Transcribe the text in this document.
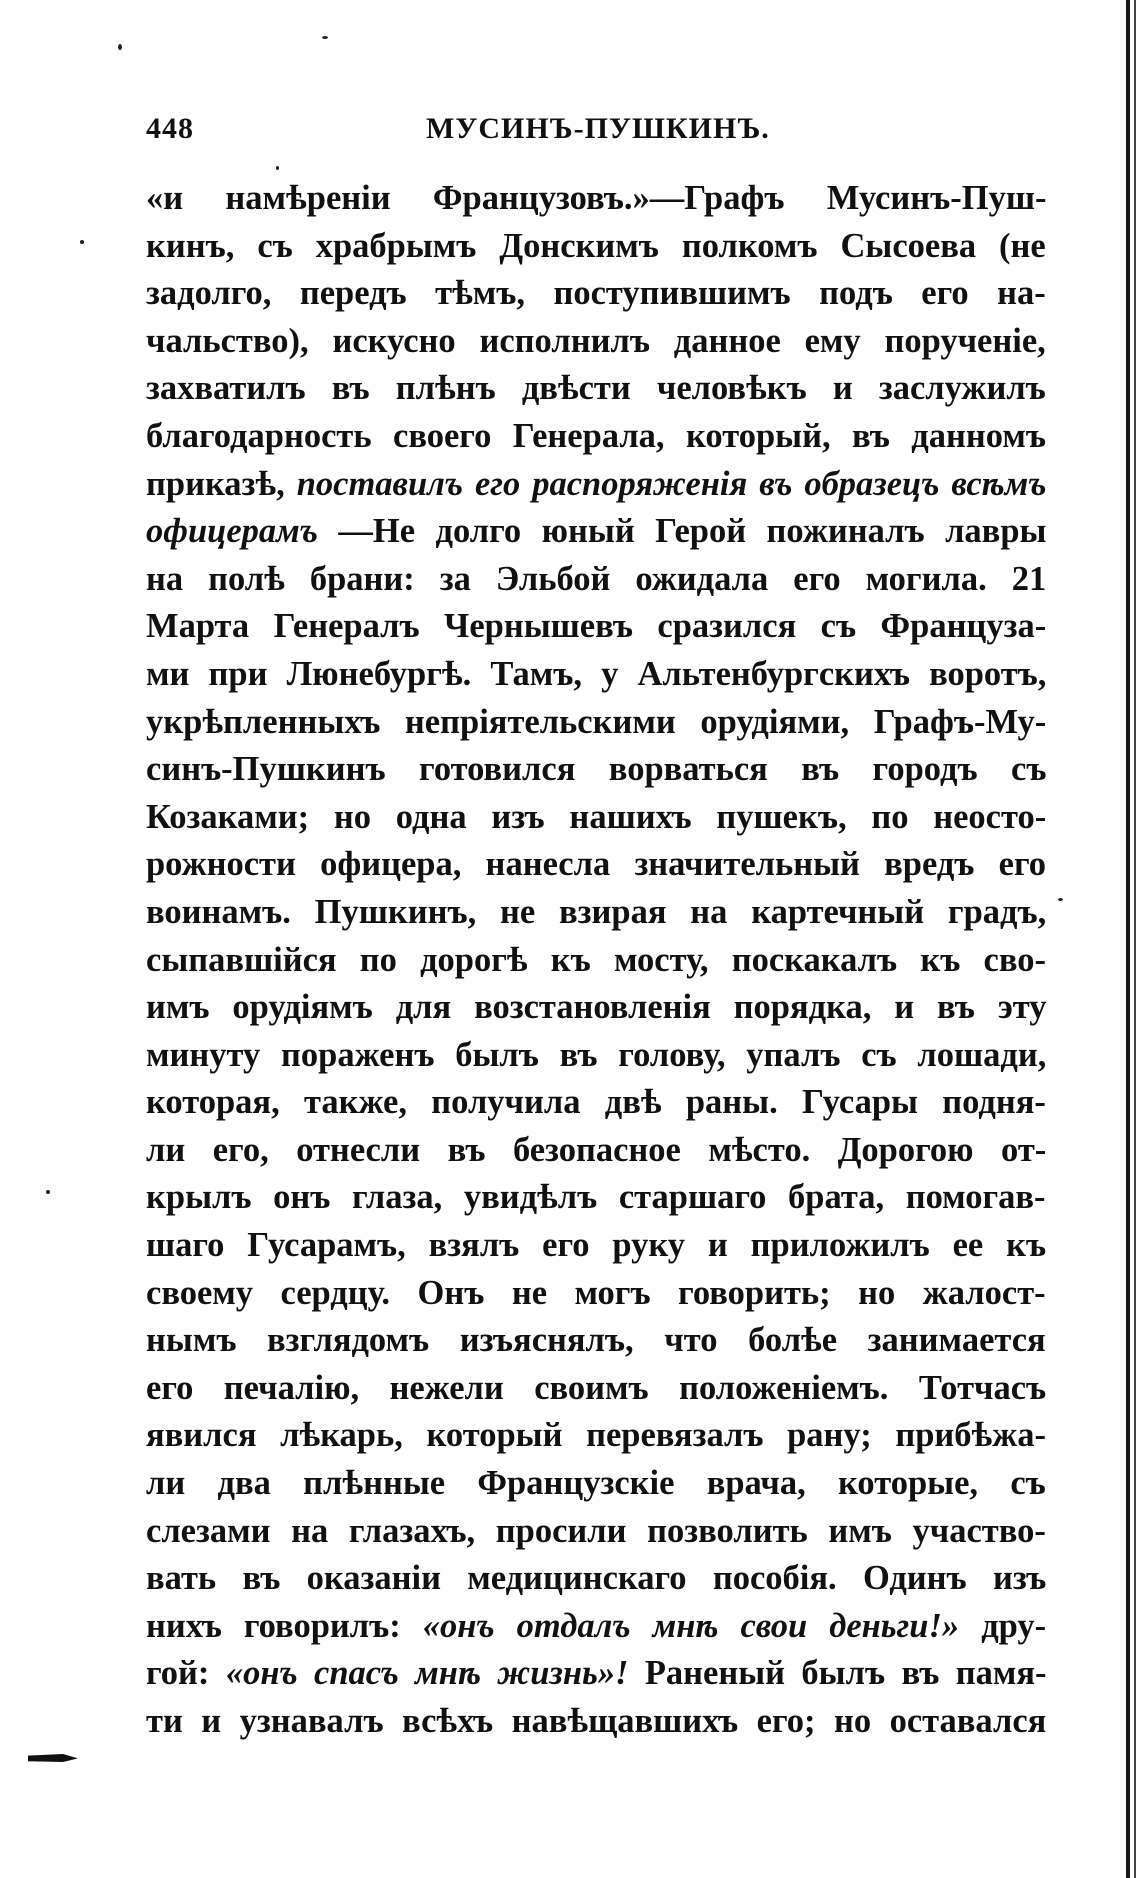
448	МУСИНЪ-ПУШКИНЪ.
«и намѣренiи Французовъ.»—Графъ Мусинъ-Пуш-
кинъ, съ храбрымъ Донскимъ полкомъ Сысоева (не
задолго, передъ тѣмъ, поступившимъ подъ его на-
чальство), искусно исполнилъ данное ему порученiе,
захватилъ въ плѣнъ двѣсти человѣкъ и заслужилъ
благодарность своего Генерала, который, въ данномъ
приказѣ, поставилъ его распоряженiя въ образецъ всѣмъ
офицерамъ —Не долго юный Герой пожиналъ лавры
на полѣ брани: за Эльбой ожидала его могила. 21
Марта Генералъ Чернышевъ сразился съ Француза-
ми при Люнебургѣ. Тамъ, у Альтенбургскихъ воротъ,
укрѣпленныхъ непрiятельскими орудiями, Графъ-Му-
синъ-Пушкинъ готовился ворваться въ городъ съ
Козаками; но одна изъ нашихъ пушекъ, по неосто-
рожности офицера, нанесла значительный вредъ его
воинамъ. Пушкинъ, не взирая на картечный градъ,
сыпавшiйся по дорогѣ къ мосту, поскакалъ къ сво-
имъ орудiямъ для возстановленiя порядка, и въ эту
минуту пораженъ былъ въ голову, упалъ съ лошади,
которая, также, получила двѣ раны. Гусары подня-
ли его, отнесли въ безопасное мѣсто. Дорогою от-
крылъ онъ глаза, увидѣлъ старшаго брата, помогав-
шаго Гусарамъ, взялъ его руку и приложилъ ее къ
своему сердцу. Онъ не могъ говорить; но жалост-
нымъ взглядомъ изъяснялъ, что болѣе занимается
его печалiю, нежели своимъ положенiемъ. Тотчасъ
явился лѣкарь, который перевязалъ рану; прибѣжа-
ли два плѣнные Французскiе врача, которые, съ
слезами на глазахъ, просили позволить имъ участво-
вать въ оказанiи медицинскаго пособiя. Одинъ изъ
нихъ говорилъ: «онъ отдалъ мнѣ свои деньги!» дру-
гой: «онъ спасъ мнѣ жизнь»! Раненый былъ въ памя-
ти и узнавалъ всѣхъ навѣщавшихъ его; но оставался
